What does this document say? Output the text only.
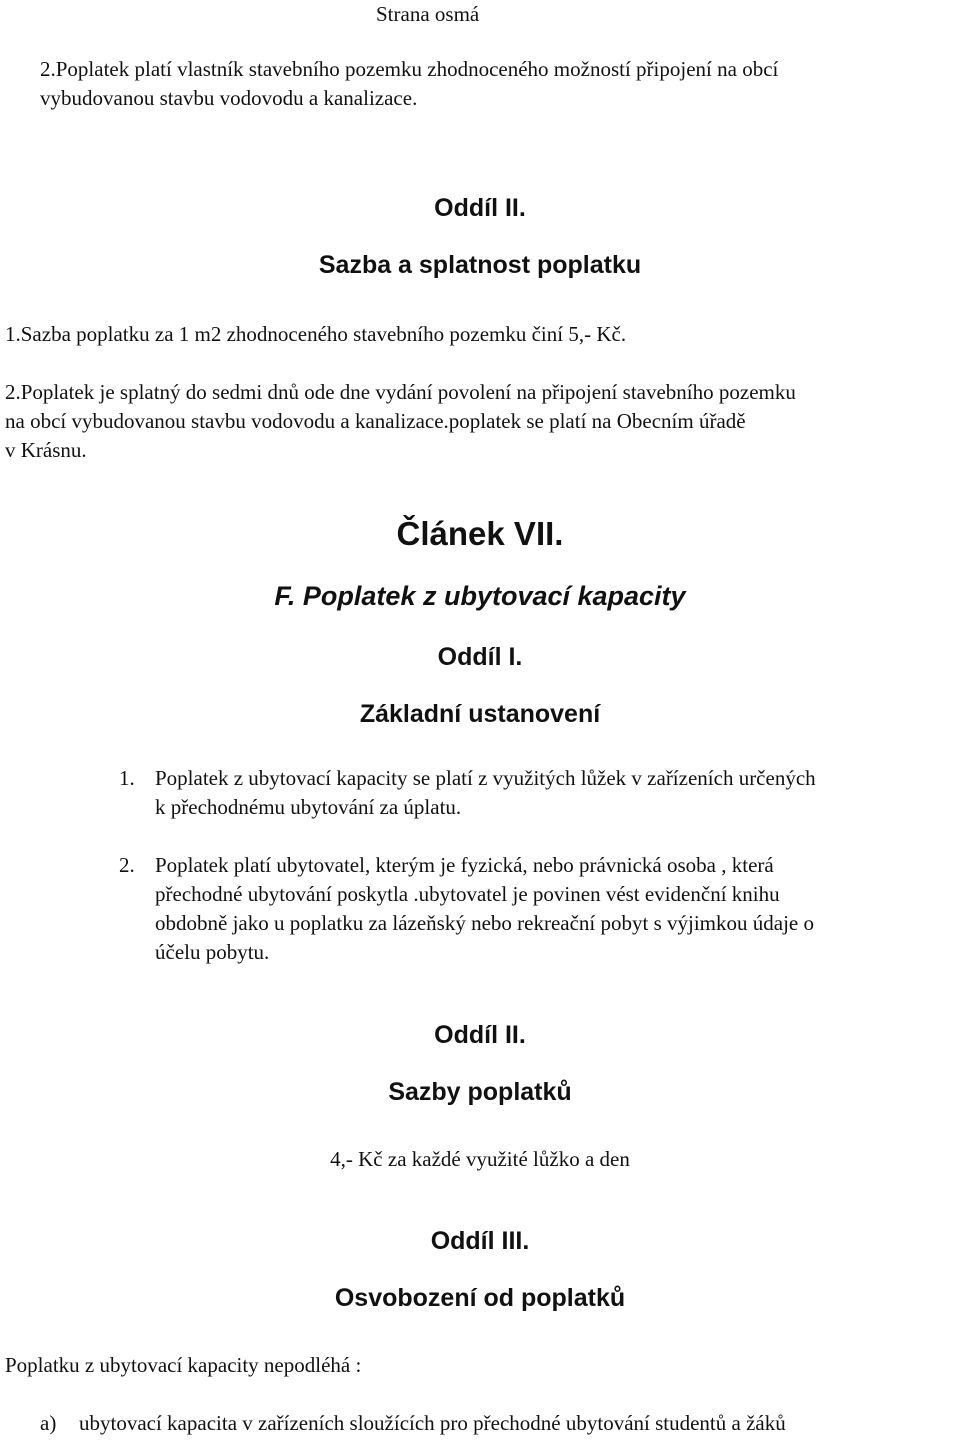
Strana osmá

2.Poplatek platí vlastník stavebního pozemku zhodnoceného možností připojení na obcí

vybudovanou stavbu vodovodu a kanalizace.

Oddíl II.
Sazba a splatnost poplatku

1.Sazba poplatku za 1 m2 zhodnoceného stavebního pozemku činí 5,- Kč.

2.Poplatek je splatný do sedmi dnů ode dne vydání povolení na připojení stavebního pozemku

na obcí vybudovanou stavbu vodovodu a kanalizace.poplatek se platí na Obecním úřadě

v Krásnu.

Článek VII.
F. Poplatek z ubytovací kapacity
Oddíl I.
Základní ustanovení

1. Poplatek z ubytovací kapacity se platí z využitých lůžek v zařízeních určených

k přechodnému ubytování za úplatu.

2. Poplatek platí ubytovatel, kterým je fyzická, nebo právnická osoba , která

přechodné ubytování poskytla .ubytovatel je povinen vést evidenční knihu

obdobně jako u poplatku za lázeňský nebo rekreační pobyt s výjimkou údaje o

účelu pobytu.

Oddíl II.
Sazby poplatků

4,- Kč za každé využité lůžko a den

Oddíl III.
Osvobození od poplatků

Poplatku z ubytovací kapacity nepodléhá :

a) ubytovací kapacita v zařízeních sloužících pro přechodné ubytování studentů a žáků
